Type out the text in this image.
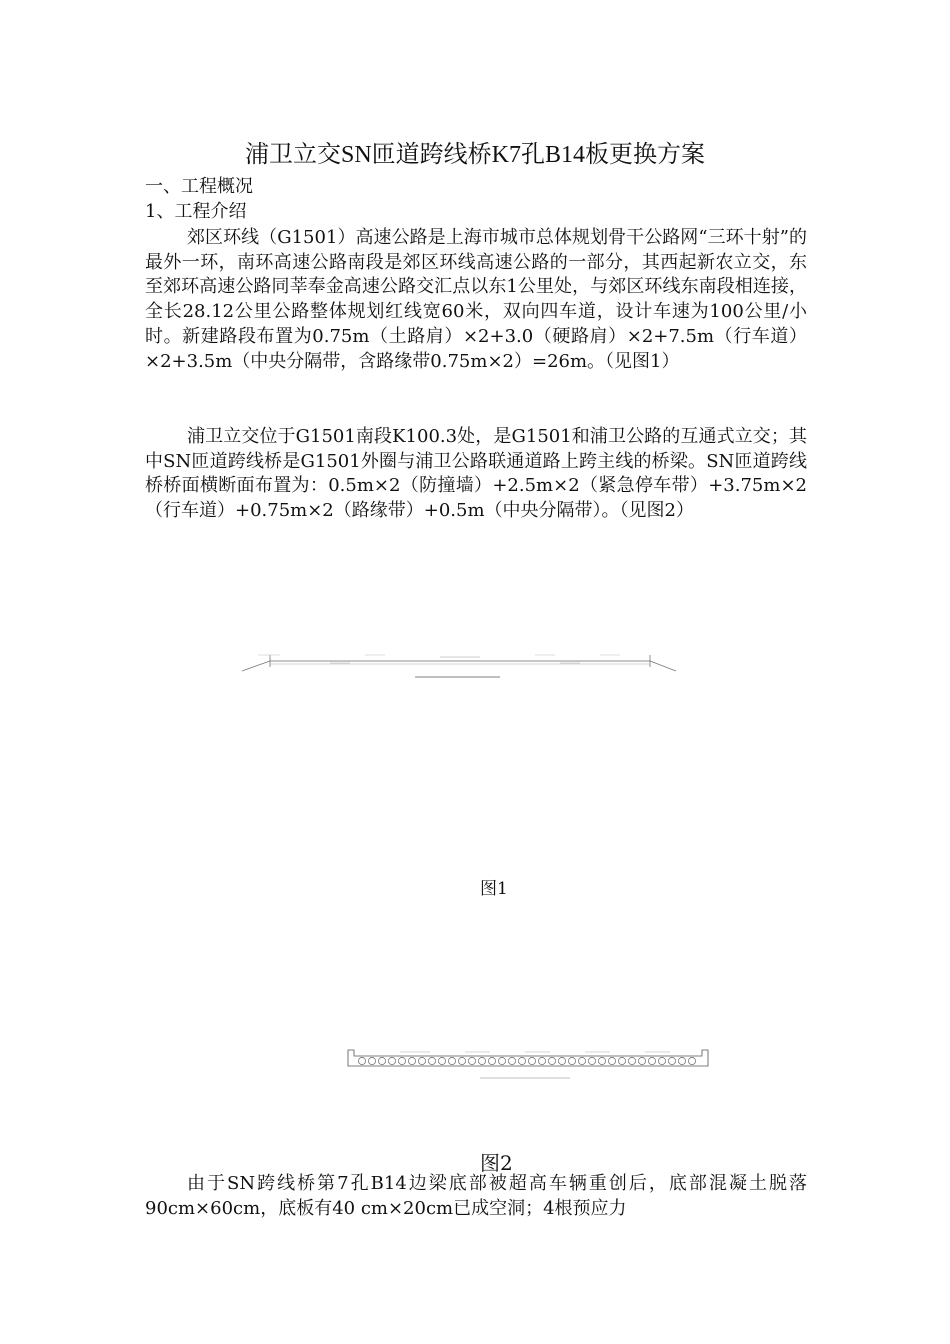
浦卫立交SN匝道跨线桥K7孔B14板更换方案
一、工程概况
1、工程介绍
郊区环线（G1501）高速公路是上海市城市总体规划骨干公路网“三环十射”的最外一环，南环高速公路南段是郊区环线高速公路的一部分，其西起新农立交，东至郊环高速公路同莘奉金高速公路交汇点以东1公里处，与郊区环线东南段相连接，全长28.12公里公路整体规划红线宽60米，双向四车道，设计车速为100公里/小时。新建路段布置为0.75m（土路肩）×2+3.0（硬路肩）×2+7.5m（行车道）×2+3.5m（中央分隔带，含路缘带0.75m×2）=26m。（见图1）
浦卫立交位于G1501南段K100.3处，是G1501和浦卫公路的互通式立交；其中SN匝道跨线桥是G1501外圈与浦卫公路联通道路上跨主线的桥梁。SN匝道跨线桥桥面横断面布置为：0.5m×2（防撞墙）+2.5m×2（紧急停车带）+3.75m×2（行车道）+0.75m×2（路缘带）+0.5m（中央分隔带）。（见图2）
图1
图2
由于SN跨线桥第7孔B14边梁底部被超高车辆重创后，底部混凝土脱落90cm×60cm，底板有40 cm×20cm已成空洞；4根预应力
